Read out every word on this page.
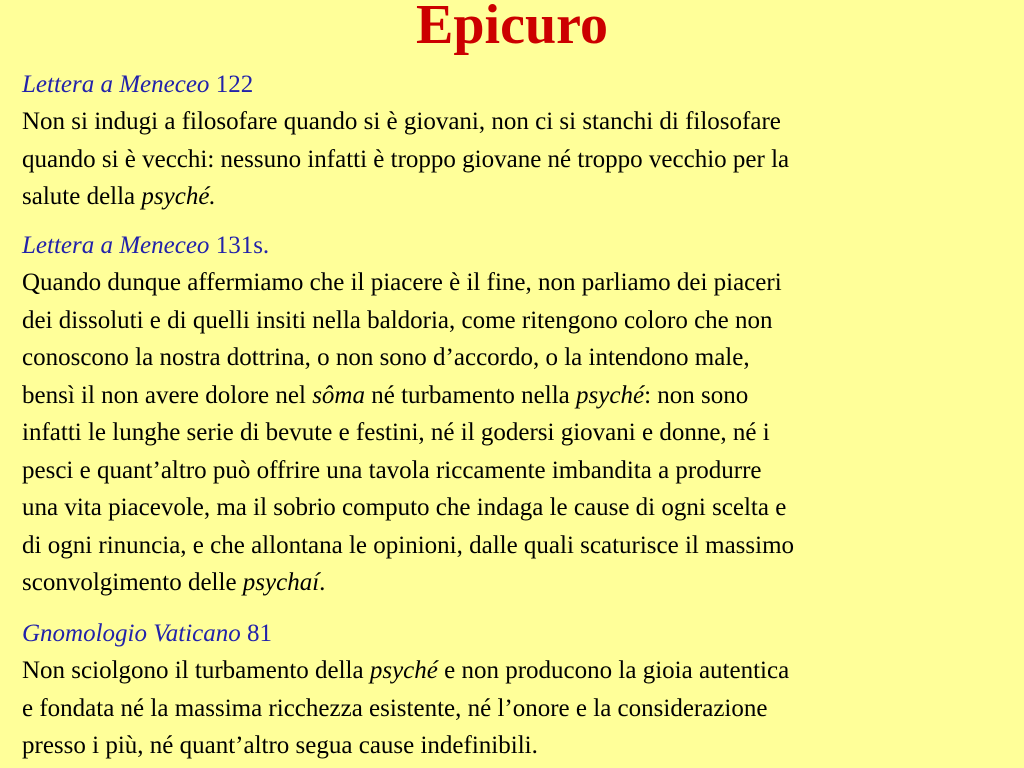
Epicuro
Lettera a Meneceo 122

Non si indugi a filosofare quando si è giovani, non ci si stanchi di filosofare

quando si è vecchi: nessuno infatti è troppo giovane né troppo vecchio per la

salute della psyché.

Lettera a Meneceo 131s.

Quando dunque affermiamo che il piacere è il fine, non parliamo dei piaceri

dei dissoluti e di quelli insiti nella baldoria, come ritengono coloro che non

conoscono la nostra dottrina, o non sono d’accordo, o la intendono male,

bensì il non avere dolore nel sôma né turbamento nella psyché: non sono

infatti le lunghe serie di bevute e festini, né il godersi giovani e donne, né i

pesci e quant’altro può offrire una tavola riccamente imbandita a produrre

una vita piacevole, ma il sobrio computo che indaga le cause di ogni scelta e

di ogni rinuncia, e che allontana le opinioni, dalle quali scaturisce il massimo

sconvolgimento delle psychaí.

Gnomologio Vaticano 81

Non sciolgono il turbamento della psyché e non producono la gioia autentica

e fondata né la massima ricchezza esistente, né l’onore e la considerazione

presso i più, né quant’altro segua cause indefinibili.
